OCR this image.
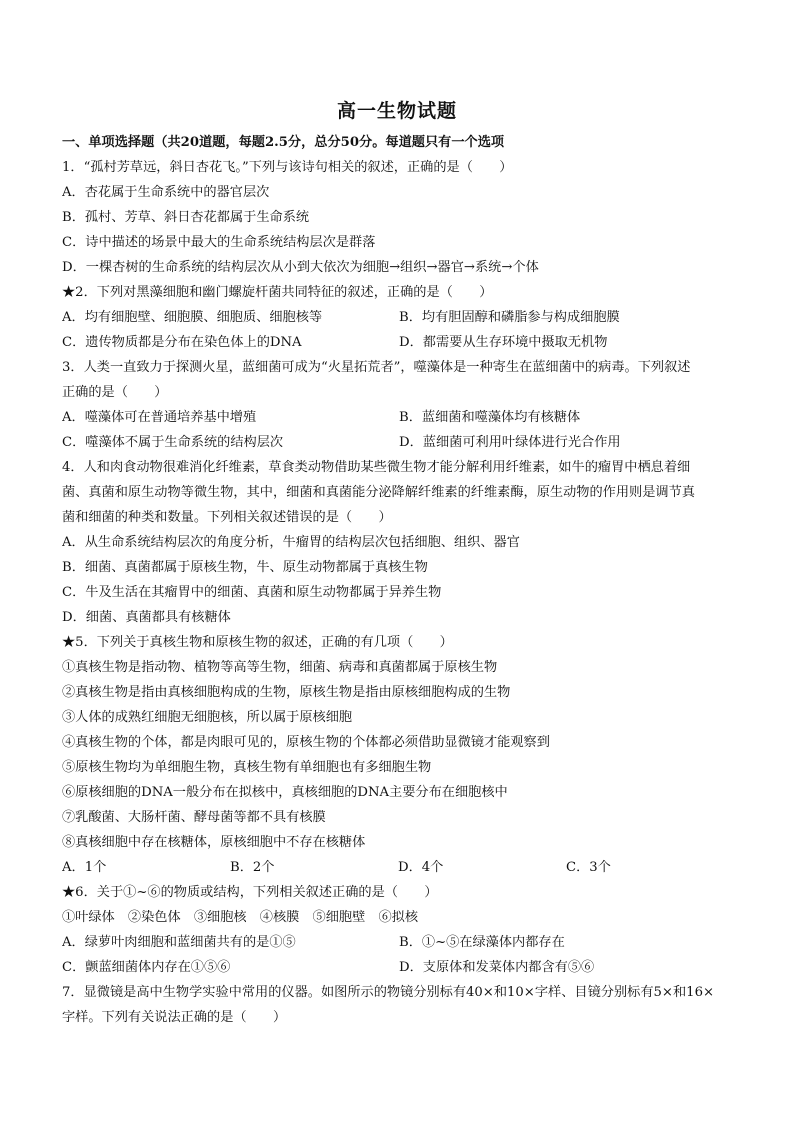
高一生物试题
一、单项选择题（共20道题，每题2.5分，总分50分。每道题只有一个选项
1．“孤村芳草远，斜日杏花飞。”下列与该诗句相关的叙述，正确的是（　　）
A．杏花属于生命系统中的器官层次
B．孤村、芳草、斜日杏花都属于生命系统
C．诗中描述的场景中最大的生命系统结构层次是群落
D．一棵杏树的生命系统的结构层次从小到大依次为细胞→组织→器官→系统→个体
★2．下列对黑藻细胞和幽门螺旋杆菌共同特征的叙述，正确的是（　　）
A．均有细胞壁、细胞膜、细胞质、细胞核等	B．均有胆固醇和磷脂参与构成细胞膜
C．遗传物质都是分布在染色体上的DNA	D．都需要从生存环境中摄取无机物
3．人类一直致力于探测火星，蓝细菌可成为“火星拓荒者”，噬藻体是一种寄生在蓝细菌中的病毒。下列叙述
正确的是（　　）
A．噬藻体可在普通培养基中增殖	B．蓝细菌和噬藻体均有核糖体
C．噬藻体不属于生命系统的结构层次	D．蓝细菌可利用叶绿体进行光合作用
4．人和肉食动物很难消化纤维素，草食类动物借助某些微生物才能分解利用纤维素，如牛的瘤胃中栖息着细
菌、真菌和原生动物等微生物，其中，细菌和真菌能分泌降解纤维素的纤维素酶，原生动物的作用则是调节真
菌和细菌的种类和数量。下列相关叙述错误的是（　　）
A．从生命系统结构层次的角度分析，牛瘤胃的结构层次包括细胞、组织、器官
B．细菌、真菌都属于原核生物，牛、原生动物都属于真核生物
C．牛及生活在其瘤胃中的细菌、真菌和原生动物都属于异养生物
D．细菌、真菌都具有核糖体
★5．下列关于真核生物和原核生物的叙述，正确的有几项（　　）
①真核生物是指动物、植物等高等生物，细菌、病毒和真菌都属于原核生物
②真核生物是指由真核细胞构成的生物，原核生物是指由原核细胞构成的生物
③人体的成熟红细胞无细胞核，所以属于原核细胞
④真核生物的个体，都是肉眼可见的，原核生物的个体都必须借助显微镜才能观察到
⑤原核生物均为单细胞生物，真核生物有单细胞也有多细胞生物
⑥原核细胞的DNA一般分布在拟核中，真核细胞的DNA主要分布在细胞核中
⑦乳酸菌、大肠杆菌、酵母菌等都不具有核膜
⑧真核细胞中存在核糖体，原核细胞中不存在核糖体
A．1个	B．2个	D．4个	C．3个
★6．关于①~⑥的物质或结构，下列相关叙述正确的是（　　）
①叶绿体　②染色体　③细胞核　④核膜　⑤细胞壁　⑥拟核
A．绿萝叶肉细胞和蓝细菌共有的是①⑤	B．①~⑤在绿藻体内都存在
C．颤蓝细菌体内存在①⑤⑥	D．支原体和发菜体内都含有⑤⑥
7．显微镜是高中生物学实验中常用的仪器。如图所示的物镜分别标有40×和10×字样、目镜分别标有5×和16×
字样。下列有关说法正确的是（　　）
